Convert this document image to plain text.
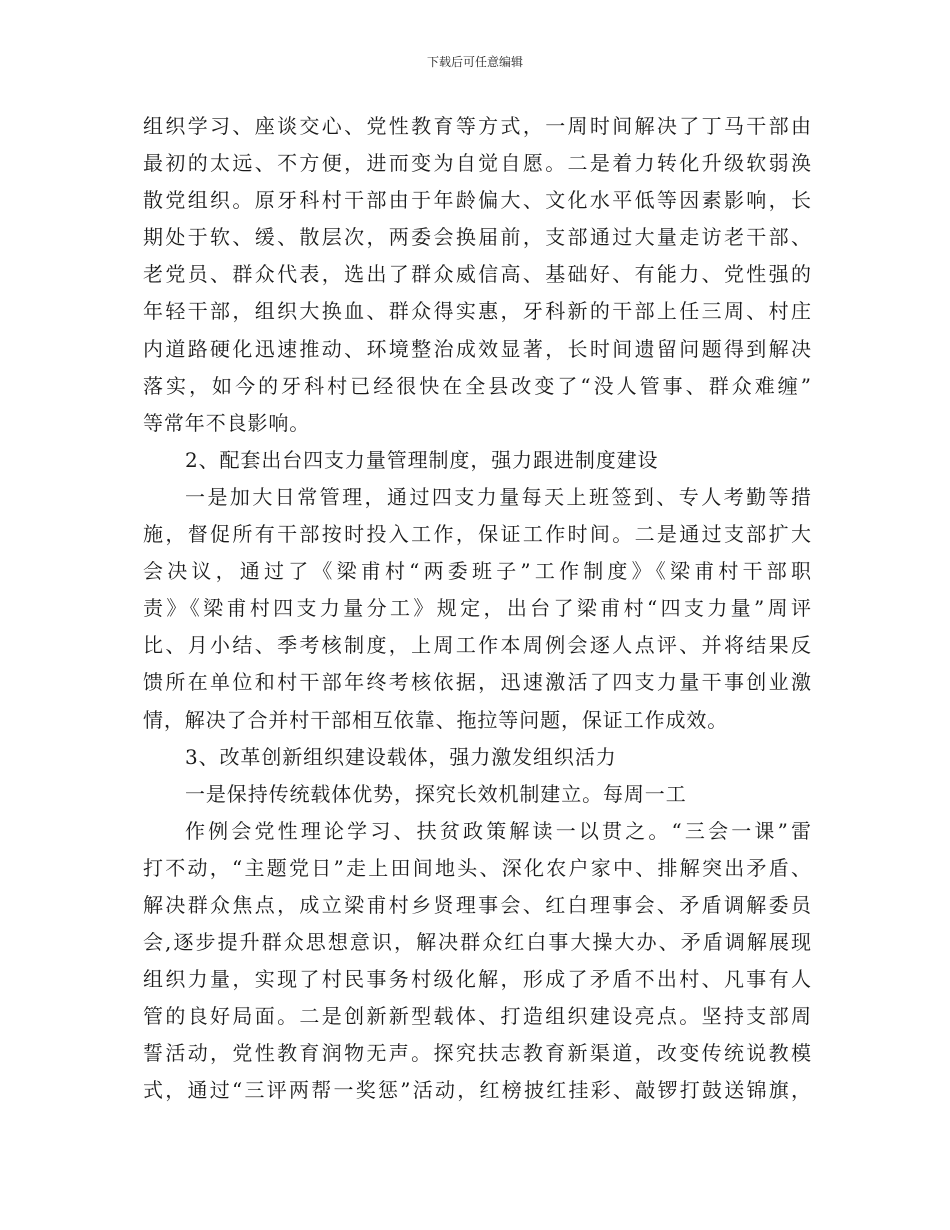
下载后可任意编辑
组织学习、座谈交心、党性教育等方式，一周时间解决了丁马干部由
最初的太远、不方便，进而变为自觉自愿。二是着力转化升级软弱涣
散党组织。原牙科村干部由于年龄偏大、文化水平低等因素影响，长
期处于软、缓、散层次，两委会换届前，支部通过大量走访老干部、
老党员、群众代表，选出了群众威信高、基础好、有能力、党性强的
年轻干部，组织大换血、群众得实惠，牙科新的干部上任三周、村庄
内道路硬化迅速推动、环境整治成效显著，长时间遗留问题得到解决
落实，如今的牙科村已经很快在全县改变了“没人管事、群众难缠”
等常年不良影响。
2、配套出台四支力量管理制度，强力跟进制度建设
一是加大日常管理，通过四支力量每天上班签到、专人考勤等措
施，督促所有干部按时投入工作，保证工作时间。二是通过支部扩大
会决议，通过了《梁甫村“两委班子”工作制度》《梁甫村干部职
责》《梁甫村四支力量分工》规定，出台了梁甫村“四支力量”周评
比、月小结、季考核制度，上周工作本周例会逐人点评、并将结果反
馈所在单位和村干部年终考核依据，迅速激活了四支力量干事创业激
情，解决了合并村干部相互依靠、拖拉等问题，保证工作成效。
3、改革创新组织建设载体，强力激发组织活力
一是保持传统载体优势，探究长效机制建立。每周一工
作例会党性理论学习、扶贫政策解读一以贯之。“三会一课”雷
打不动，“主题党日”走上田间地头、深化农户家中、排解突出矛盾、
解决群众焦点，成立梁甫村乡贤理事会、红白理事会、矛盾调解委员
会,逐步提升群众思想意识，解决群众红白事大操大办、矛盾调解展现
组织力量，实现了村民事务村级化解，形成了矛盾不出村、凡事有人
管的良好局面。二是创新新型载体、打造组织建设亮点。坚持支部周
誓活动，党性教育润物无声。探究扶志教育新渠道，改变传统说教模
式，通过“三评两帮一奖惩”活动，红榜披红挂彩、敲锣打鼓送锦旗，
